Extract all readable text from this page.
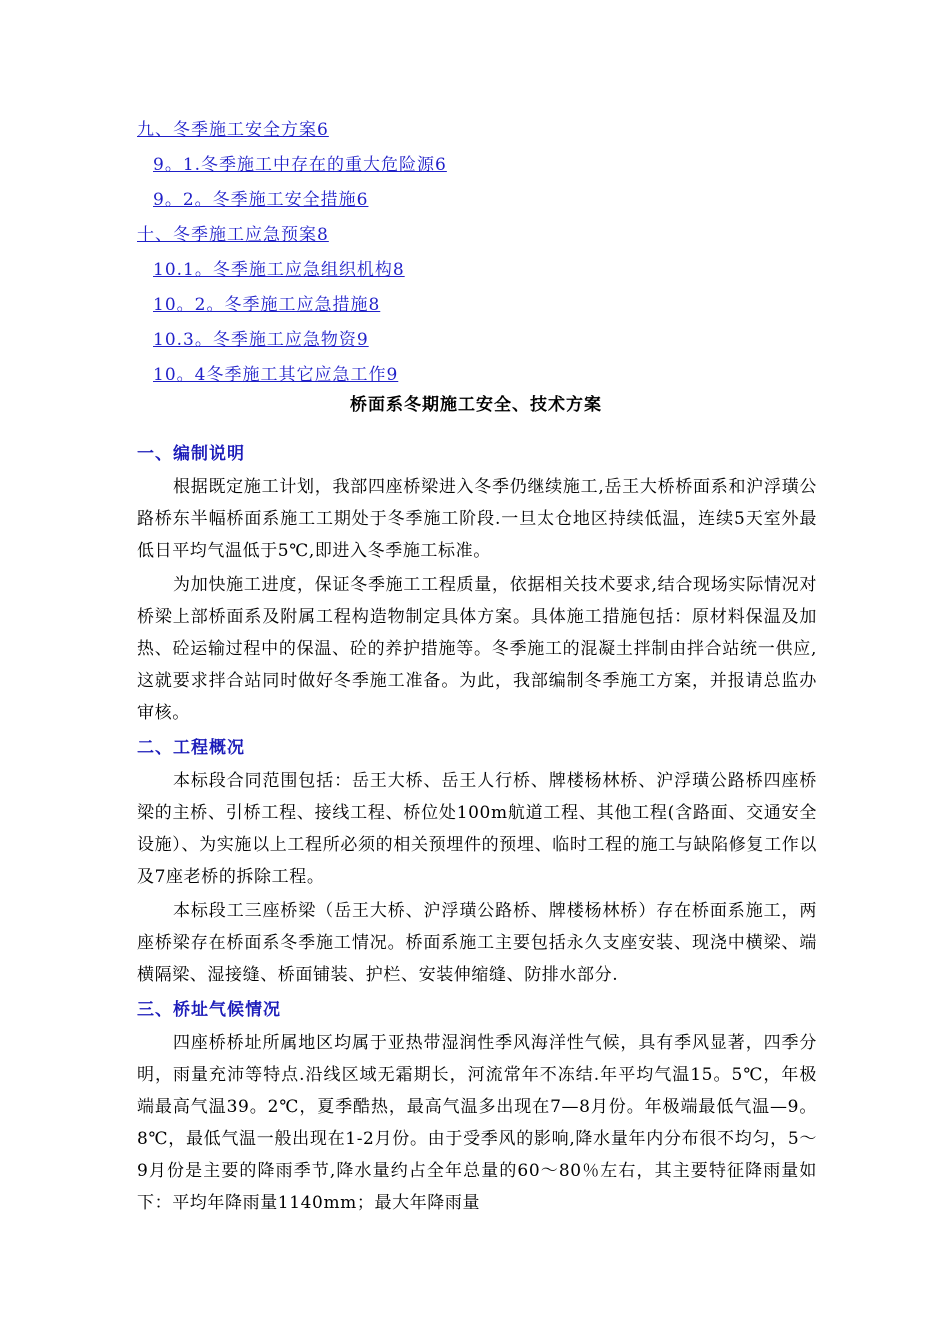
九、冬季施工安全方案6
9。1.冬季施工中存在的重大危险源6
9。2。冬季施工安全措施6
十、冬季施工应急预案8
10.1。冬季施工应急组织机构8
10。2。冬季施工应急措施8
10.3。冬季施工应急物资9
10。4冬季施工其它应急工作9
桥面系冬期施工安全、技术方案
一、编制说明

根据既定施工计划，我部四座桥梁进入冬季仍继续施工,岳王大桥桥面系和沪浮璜公路桥东半幅桥面系施工工期处于冬季施工阶段.一旦太仓地区持续低温，连续5天室外最低日平均气温低于5℃,即进入冬季施工标准。

为加快施工进度，保证冬季施工工程质量，依据相关技术要求,结合现场实际情况对桥梁上部桥面系及附属工程构造物制定具体方案。具体施工措施包括：原材料保温及加热、砼运输过程中的保温、砼的养护措施等。冬季施工的混凝土拌制由拌合站统一供应,这就要求拌合站同时做好冬季施工准备。为此，我部编制冬季施工方案，并报请总监办审核。

二、工程概况

本标段合同范围包括：岳王大桥、岳王人行桥、牌楼杨林桥、沪浮璜公路桥四座桥梁的主桥、引桥工程、接线工程、桥位处100m航道工程、其他工程(含路面、交通安全设施）、为实施以上工程所必须的相关预埋件的预埋、临时工程的施工与缺陷修复工作以及7座老桥的拆除工程。

本标段工三座桥梁（岳王大桥、沪浮璜公路桥、牌楼杨林桥）存在桥面系施工，两座桥梁存在桥面系冬季施工情况。桥面系施工主要包括永久支座安装、现浇中横梁、端横隔梁、湿接缝、桥面铺装、护栏、安装伸缩缝、防排水部分.

三、桥址气候情况

四座桥桥址所属地区均属于亚热带湿润性季风海洋性气候，具有季风显著，四季分明，雨量充沛等特点.沿线区域无霜期长，河流常年不冻结.年平均气温15。5℃，年极端最高气温39。2℃，夏季酷热，最高气温多出现在7—8月份。年极端最低气温—9。8℃，最低气温一般出现在1-2月份。由于受季风的影响,降水量年内分布很不均匀，5～9月份是主要的降雨季节,降水量约占全年总量的60～80％左右，其主要特征降雨量如下：平均年降雨量1140mm；最大年降雨量
